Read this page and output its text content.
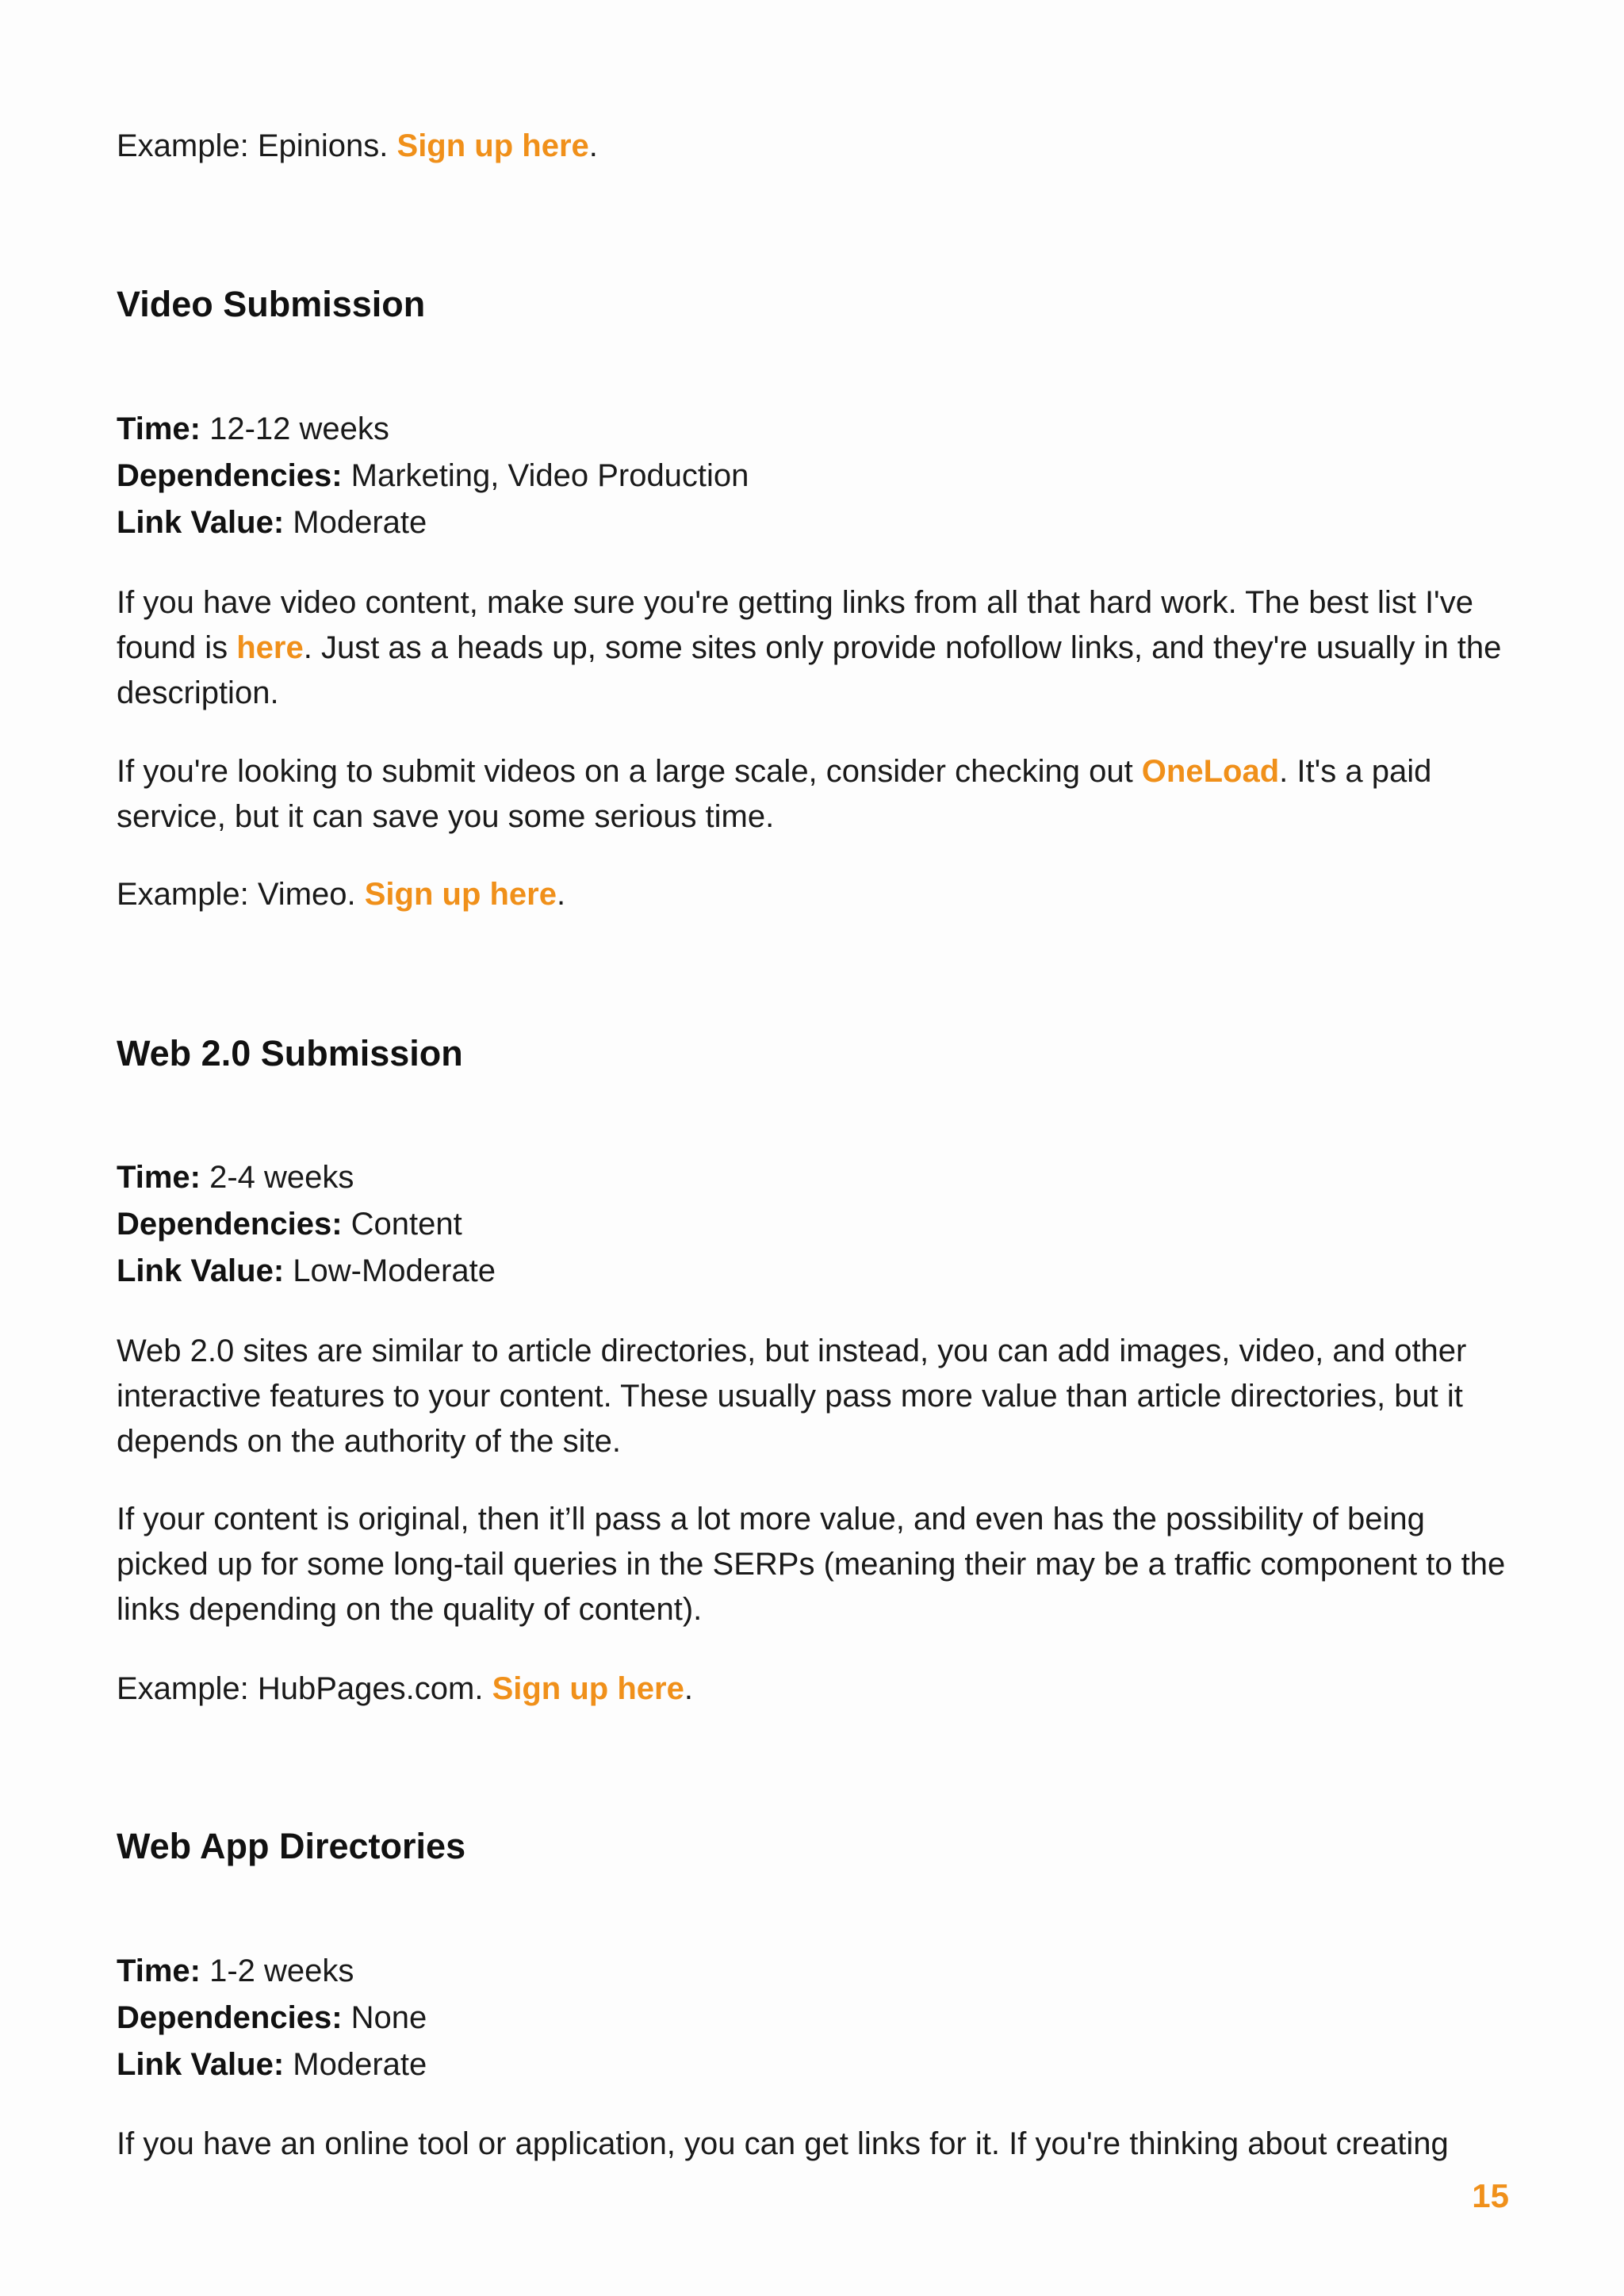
Example: Epinions. Sign up here.

Video Submission
Time: 12-12 weeks
Dependencies: Marketing, Video Production
Link Value: Moderate

If you have video content, make sure you're getting links from all that hard work. The best list I've found is here. Just as a heads up, some sites only provide nofollow links, and they're usually in the description.

If you're looking to submit videos on a large scale, consider checking out OneLoad. It's a paid service, but it can save you some serious time.

Example: Vimeo. Sign up here.

Web 2.0 Submission
Time: 2-4 weeks
Dependencies: Content
Link Value: Low-Moderate

Web 2.0 sites are similar to article directories, but instead, you can add images, video, and other interactive features to your content. These usually pass more value than article directories, but it depends on the authority of the site.

If your content is original, then it’ll pass a lot more value, and even has the possibility of being picked up for some long-tail queries in the SERPs (meaning their may be a traffic component to the links depending on the quality of content).

Example: HubPages.com. Sign up here.

Web App Directories
Time: 1-2 weeks
Dependencies: None
Link Value: Moderate

If you have an online tool or application, you can get links for it. If you're thinking about creating

15
